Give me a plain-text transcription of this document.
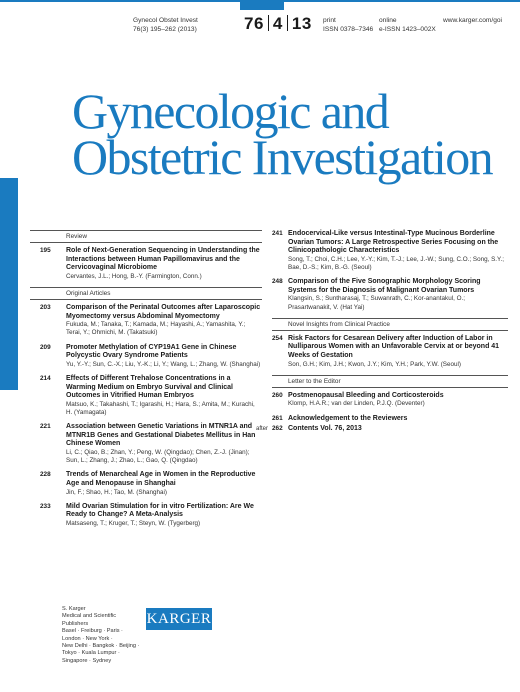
Gynecol Obstet Invest
76(3) 195–262 (2013)	76 4 13 print
ISSN 0378–7346
online
e-ISSN 1423–002X
www.karger.com/goi
Gynecologic and
Obstetric Investigation
Review
195 Role of Next-Generation Sequencing in Understanding the Interactions between Human Papillomavirus and the Cervicovaginal Microbiome
Cervantes, J.L.; Hong, B.-Y. (Farmington, Conn.)
Original Articles
203 Comparison of the Perinatal Outcomes after Laparoscopic Myomectomy versus Abdominal Myomectomy
Fukuda, M.; Tanaka, T.; Kamada, M.; Hayashi, A.; Yamashita, Y.; Terai, Y.; Ohmichi, M. (Takatsuki)
209 Promoter Methylation of CYP19A1 Gene in Chinese Polycystic Ovary Syndrome Patients
Yu, Y.-Y.; Sun, C.-X.; Liu, Y.-K.; Li, Y.; Wang, L.; Zhang, W. (Shanghai)
214 Effects of Different Trehalose Concentrations in a Warming Medium on Embryo Survival and Clinical Outcomes in Vitrified Human Embryos
Matsuo, K.; Takahashi, T.; Igarashi, H.; Hara, S.; Amita, M.; Kurachi, H. (Yamagata)
221 Association between Genetic Variations in MTNR1A and MTNR1B Genes and Gestational Diabetes Mellitus in Han Chinese Women
Li, C.; Qiao, B.; Zhan, Y.; Peng, W. (Qingdao); Chen, Z.-J. (Jinan); Sun, L.; Zhang, J.; Zhao, L.; Gao, Q. (Qingdao)
228 Trends of Menarcheal Age in Women in the Reproductive Age and Menopause in Shanghai
Jin, F.; Shao, H.; Tao, M. (Shanghai)
233 Mild Ovarian Stimulation for in vitro Fertilization: Are We Ready to Change? A Meta-Analysis
Matsaseng, T.; Kruger, T.; Steyn, W. (Tygerberg)
241 Endocervical-Like versus Intestinal-Type Mucinous Borderline Ovarian Tumors: A Large Retrospective Series Focusing on the Clinicopathologic Characteristics
Song, T.; Choi, C.H.; Lee, Y.-Y.; Kim, T.-J.; Lee, J.-W.; Sung, C.O.; Song, S.Y.; Bae, D.-S.; Kim, B.-G. (Seoul)
248 Comparison of the Five Sonographic Morphology Scoring Systems for the Diagnosis of Malignant Ovarian Tumors
Klangsin, S.; Suntharasaj, T.; Suwanrath, C.; Kor-anantakul, O.; Prasartwanakit, V. (Hat Yai)
Novel Insights from Clinical Practice
254 Risk Factors for Cesarean Delivery after Induction of Labor in Nulliparous Women with an Unfavorable Cervix at or beyond 41 Weeks of Gestation
Son, G.H.; Kim, J.H.; Kwon, J.Y.; Kim, Y.H.; Park, Y.W. (Seoul)
Letter to the Editor
260 Postmenopausal Bleeding and Corticosteroids
Klomp, H.A.R.; van der Linden, P.J.Q. (Deventer)
261 Acknowledgement to the Reviewers
262
after	Contents Vol. 76, 2013
S. Karger
Medical and Scientific Publishers
Basel · Freiburg · Paris ·
London · New York ·
New Delhi · Bangkok · Beijing ·
Tokyo · Kuala Lumpur ·
Singapore · Sydney
KARGER
